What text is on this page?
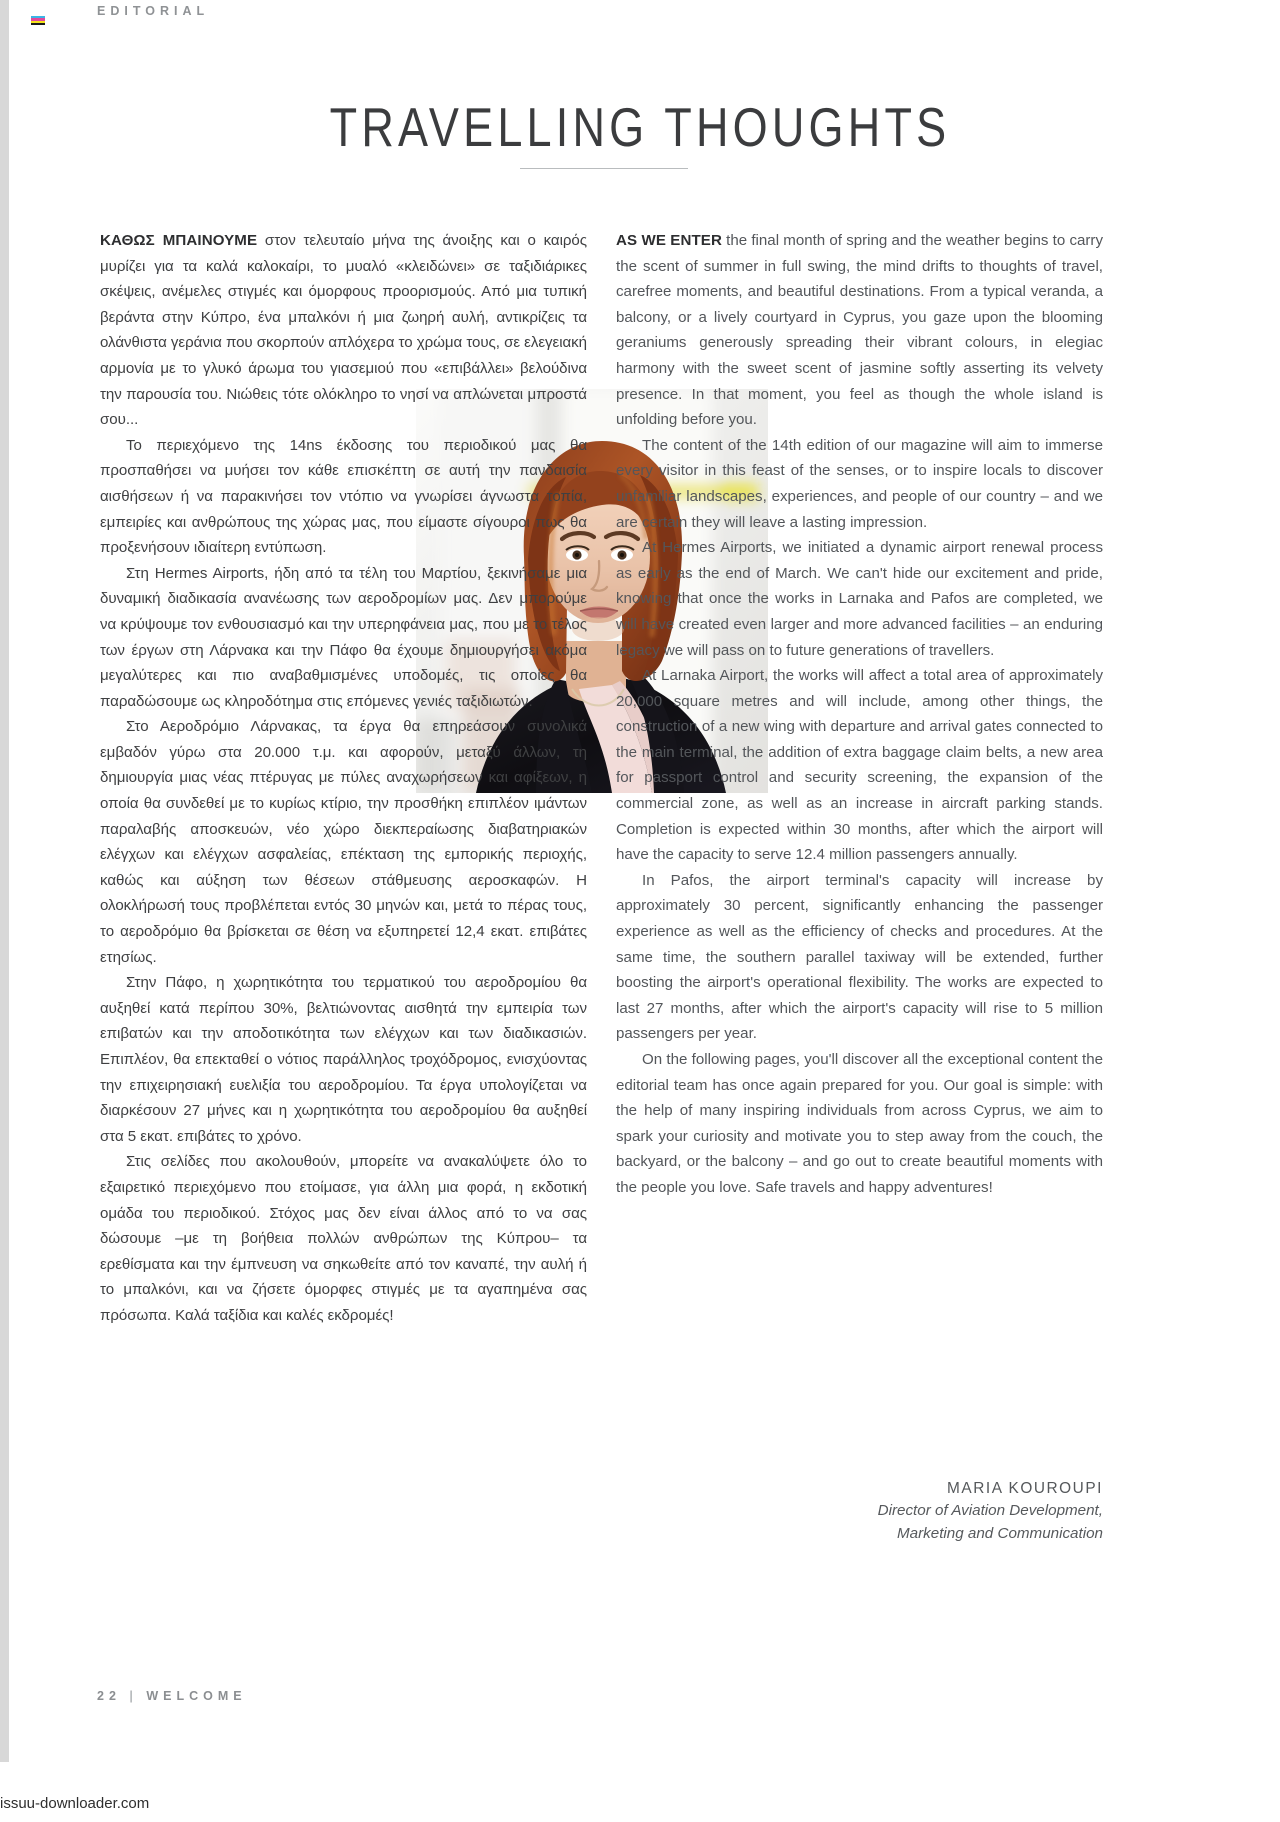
EDITORIAL
TRAVELLING THOUGHTS

AS WE ENTER the final month of spring and the weather begins to carry the scent of summer in full swing, the mind drifts to thoughts of travel, carefree moments, and beautiful destinations. From a typical veranda, a balcony, or a lively courtyard in Cyprus, you gaze upon the blooming geraniums generously spreading their vibrant colours, in elegiac harmony with the sweet scent of jasmine softly asserting its velvety presence. In that moment, you feel as though the whole island is unfolding before you.

The content of the 14th edition of our magazine will aim to immerse every visitor in this feast of the senses, or to inspire locals to discover unfamiliar landscapes, experiences, and people of our country – and we are certain they will leave a lasting impression.

At Hermes Airports, we initiated a dynamic airport renewal process as early as the end of March. We can't hide our excitement and pride, knowing that once the works in Larnaka and Pafos are completed, we will have created even larger and more advanced facilities – an enduring legacy we will pass on to future generations of travellers.

At Larnaka Airport, the works will affect a total area of approximately 20,000 square metres and will include, among other things, the construction of a new wing with departure and arrival gates connected to the main terminal, the addition of extra baggage claim belts, a new area for passport control and security screening, the expansion of the commercial zone, as well as an increase in aircraft parking stands. Completion is expected within 30 months, after which the airport will have the capacity to serve 12.4 million passengers annually.

In Pafos, the airport terminal's capacity will increase by approximately 30 percent, significantly enhancing the passenger experience as well as the efficiency of checks and procedures. At the same time, the southern parallel taxiway will be extended, further boosting the airport's operational flexibility. The works are expected to last 27 months, after which the airport's capacity will rise to 5 million passengers per year.

On the following pages, you'll discover all the exceptional content the editorial team has once again prepared for you. Our goal is simple: with the help of many inspiring individuals from across Cyprus, we aim to spark your curiosity and motivate you to step away from the couch, the backyard, or the balcony – and go out to create beautiful moments with the people you love. Safe travels and happy adventures!

ΚΑΘΩΣ ΜΠΑΙΝΟΥΜΕ στον τελευταίο μήνα της άνοιξης και ο καιρός μυρίζει για τα καλά καλοκαίρι, το μυαλό «κλειδώνει» σε ταξιδιάρικες σκέψεις, ανέμελες στιγμές και όμορφους προορισμούς. Από μια τυπική βεράντα στην Κύπρο, ένα μπαλκόνι ή μια ζωηρή αυλή, αντικρίζεις τα ολάνθιστα γεράνια που σκορπούν απλόχερα το χρώμα τους, σε ελεγειακή αρμονία με το γλυκό άρωμα του γιασεμιού που «επιβάλλει» βελούδινα την παρουσία του. Νιώθεις τότε ολόκληρο το νησί να απλώνεται μπροστά σου...

Το περιεχόμενο της 14ns έκδοσης του περιοδικού μας θα προσπαθήσει να μυήσει τον κάθε επισκέπτη σε αυτή την πανδαισία αισθήσεων ή να παρακινήσει τον ντόπιο να γνωρίσει άγνωστα τοπία, εμπειρίες και ανθρώπους της χώρας μας, που είμαστε σίγουροι πως θα προξενήσουν ιδιαίτερη εντύπωση.

Στη Hermes Airports, ήδη από τα τέλη του Μαρτίου, ξεκινήσαμε μια δυναμική διαδικασία ανανέωσης των αεροδρομίων μας. Δεν μπορούμε να κρύψουμε τον ενθουσιασμό και την υπερηφάνεια μας, που με το τέλος των έργων στη Λάρνακα και την Πάφο θα έχουμε δημιουργήσει ακόμα μεγαλύτερες και πιο αναβαθμισμένες υποδομές, τις οποίες θα παραδώσουμε ως κληροδότημα στις επόμενες γενιές ταξιδιωτών.

Στο Αεροδρόμιο Λάρνακας, τα έργα θα επηρεάσουν συνολικά εμβαδόν γύρω στα 20.000 τ.μ. και αφορούν, μεταξύ άλλων, τη δημιουργία μιας νέας πτέρυγας με πύλες αναχωρήσεων και αφίξεων, η οποία θα συνδεθεί με το κυρίως κτίριο, την προσθήκη επιπλέον ιμάντων παραλαβής αποσκευών, νέο χώρο διεκπεραίωσης διαβατηριακών ελέγχων και ελέγχων ασφαλείας, επέκταση της εμπορικής περιοχής, καθώς και αύξηση των θέσεων στάθμευσης αεροσκαφών. Η ολοκλήρωσή τους προβλέπεται εντός 30 μηνών και, μετά το πέρας τους, το αεροδρόμιο θα βρίσκεται σε θέση να εξυπηρετεί 12,4 εκατ. επιβάτες ετησίως.

Στην Πάφο, η χωρητικότητα του τερματικού του αεροδρομίου θα αυξηθεί κατά περίπου 30%, βελτιώνοντας αισθητά την εμπειρία των επιβατών και την αποδοτικότητα των ελέγχων και των διαδικασιών. Επιπλέον, θα επεκταθεί ο νότιος παράλληλος τροχόδρομος, ενισχύοντας την επιχειρησιακή ευελιξία του αεροδρομίου. Τα έργα υπολογίζεται να διαρκέσουν 27 μήνες και η χωρητικότητα του αεροδρομίου θα αυξηθεί στα 5 εκατ. επιβάτες το χρόνο.

Στις σελίδες που ακολουθούν, μπορείτε να ανακαλύψετε όλο το εξαιρετικό περιεχόμενο που ετοίμασε, για άλλη μια φορά, η εκδοτική ομάδα του περιοδικού. Στόχος μας δεν είναι άλλος από το να σας δώσουμε –με τη βοήθεια πολλών ανθρώπων της Κύπρου– τα ερεθίσματα και την έμπνευση να σηκωθείτε από τον καναπέ, την αυλή ή το μπαλκόνι, και να ζήσετε όμορφες στιγμές με τα αγαπημένα σας πρόσωπα. Καλά ταξίδια και καλές εκδρομές!

MARIA KOUROUPI
Director of Aviation Development,
Marketing and Communication
22 | WELCOME
issuu-downloader.com
